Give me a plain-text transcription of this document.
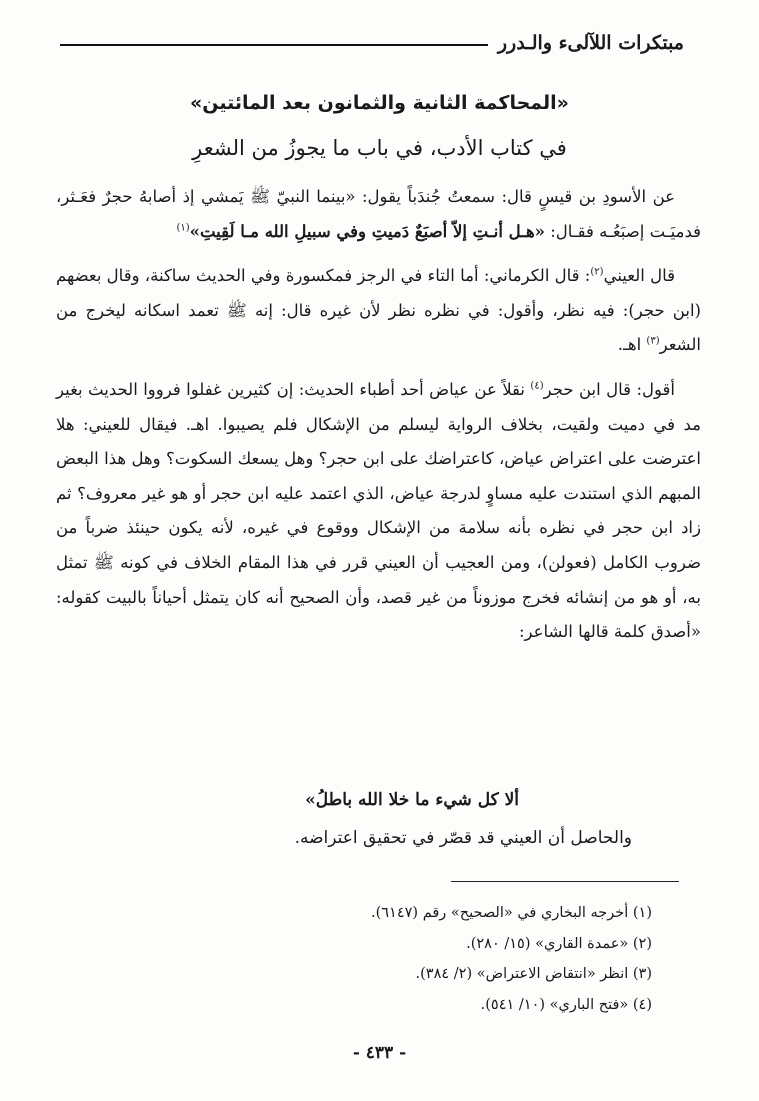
مبتكرات اللآلىء والـدرر
«المحاكمة الثانية والثمانون بعد المائتين»
في كتاب الأدب، في باب ما يجوزُ من الشعرِ

عن الأسودِ بن قيسٍ قال: سمعتُ جُندَباً يقول: «بينما النبيّ ﷺ يَمشي إذ أصابهُ حجرٌ فعَـثر، فدميَـت إصبَعُـه فقـال: «هـل أنـتِ إلاّ أصبَعٌ دَميتِ وفي سبيلِ الله مـا لَقِيتِ»$^{(١)}$

قال العيني$^{(٢)}$: قال الكرماني: أما التاء في الرجز فمكسورة وفي الحديث ساكنة، وقال بعضهم (ابن حجر): فيه نظر، وأقول: في نظره نظر لأن غيره قال: إنه ﷺ تعمد اسكانه ليخرج من الشعر$^{(٣)}$ اهـ.

أقول: قال ابن حجر$^{(٤)}$ نقلاً عن عياض أحد أطباء الحديث: إن كثيرين غفلوا فرووا الحديث بغير مد في دميت ولقيت، بخلاف الرواية ليسلم من الإشكال فلم يصيبوا. اهـ. فيقال للعيني: هلا اعترضت على اعتراض عياض، كاعتراضك على ابن حجر؟ وهل يسعك السكوت؟ وهل هذا البعض المبهم الذي استندت عليه مساوٍ لدرجة عياض، الذي اعتمد عليه ابن حجر أو هو غير معروف؟ ثم زاد ابن حجر في نظره بأنه سلامة من الإشكال ووقوع في غيره، لأنه يكون حينئذ ضرباً من ضروب الكامل (فعولن)، ومن العجيب أن العيني قرر في هذا المقام الخلاف في كونه ﷺ تمثل به، أو هو من إنشائه فخرج موزوناً من غير قصد، وأن الصحيح أنه كان يتمثل أحياناً بالبيت كقوله: «أصدق كلمة قالها الشاعر:

ألا كل شيء ما خلا الله باطلُ»
والحاصل أن العيني قد قصّر في تحقيق اعتراضه.
(١) أخرجه البخاري في «الصحيح» رقم (٦١٤٧).
(٢) «عمدة القاري» (١٥/ ٢٨٠).
(٣) انظر «انتقاض الاعتراض» (٢/ ٣٨٤).
(٤) «فتح الباري» (١٠/ ٥٤١).
- ٤٣٣ -
